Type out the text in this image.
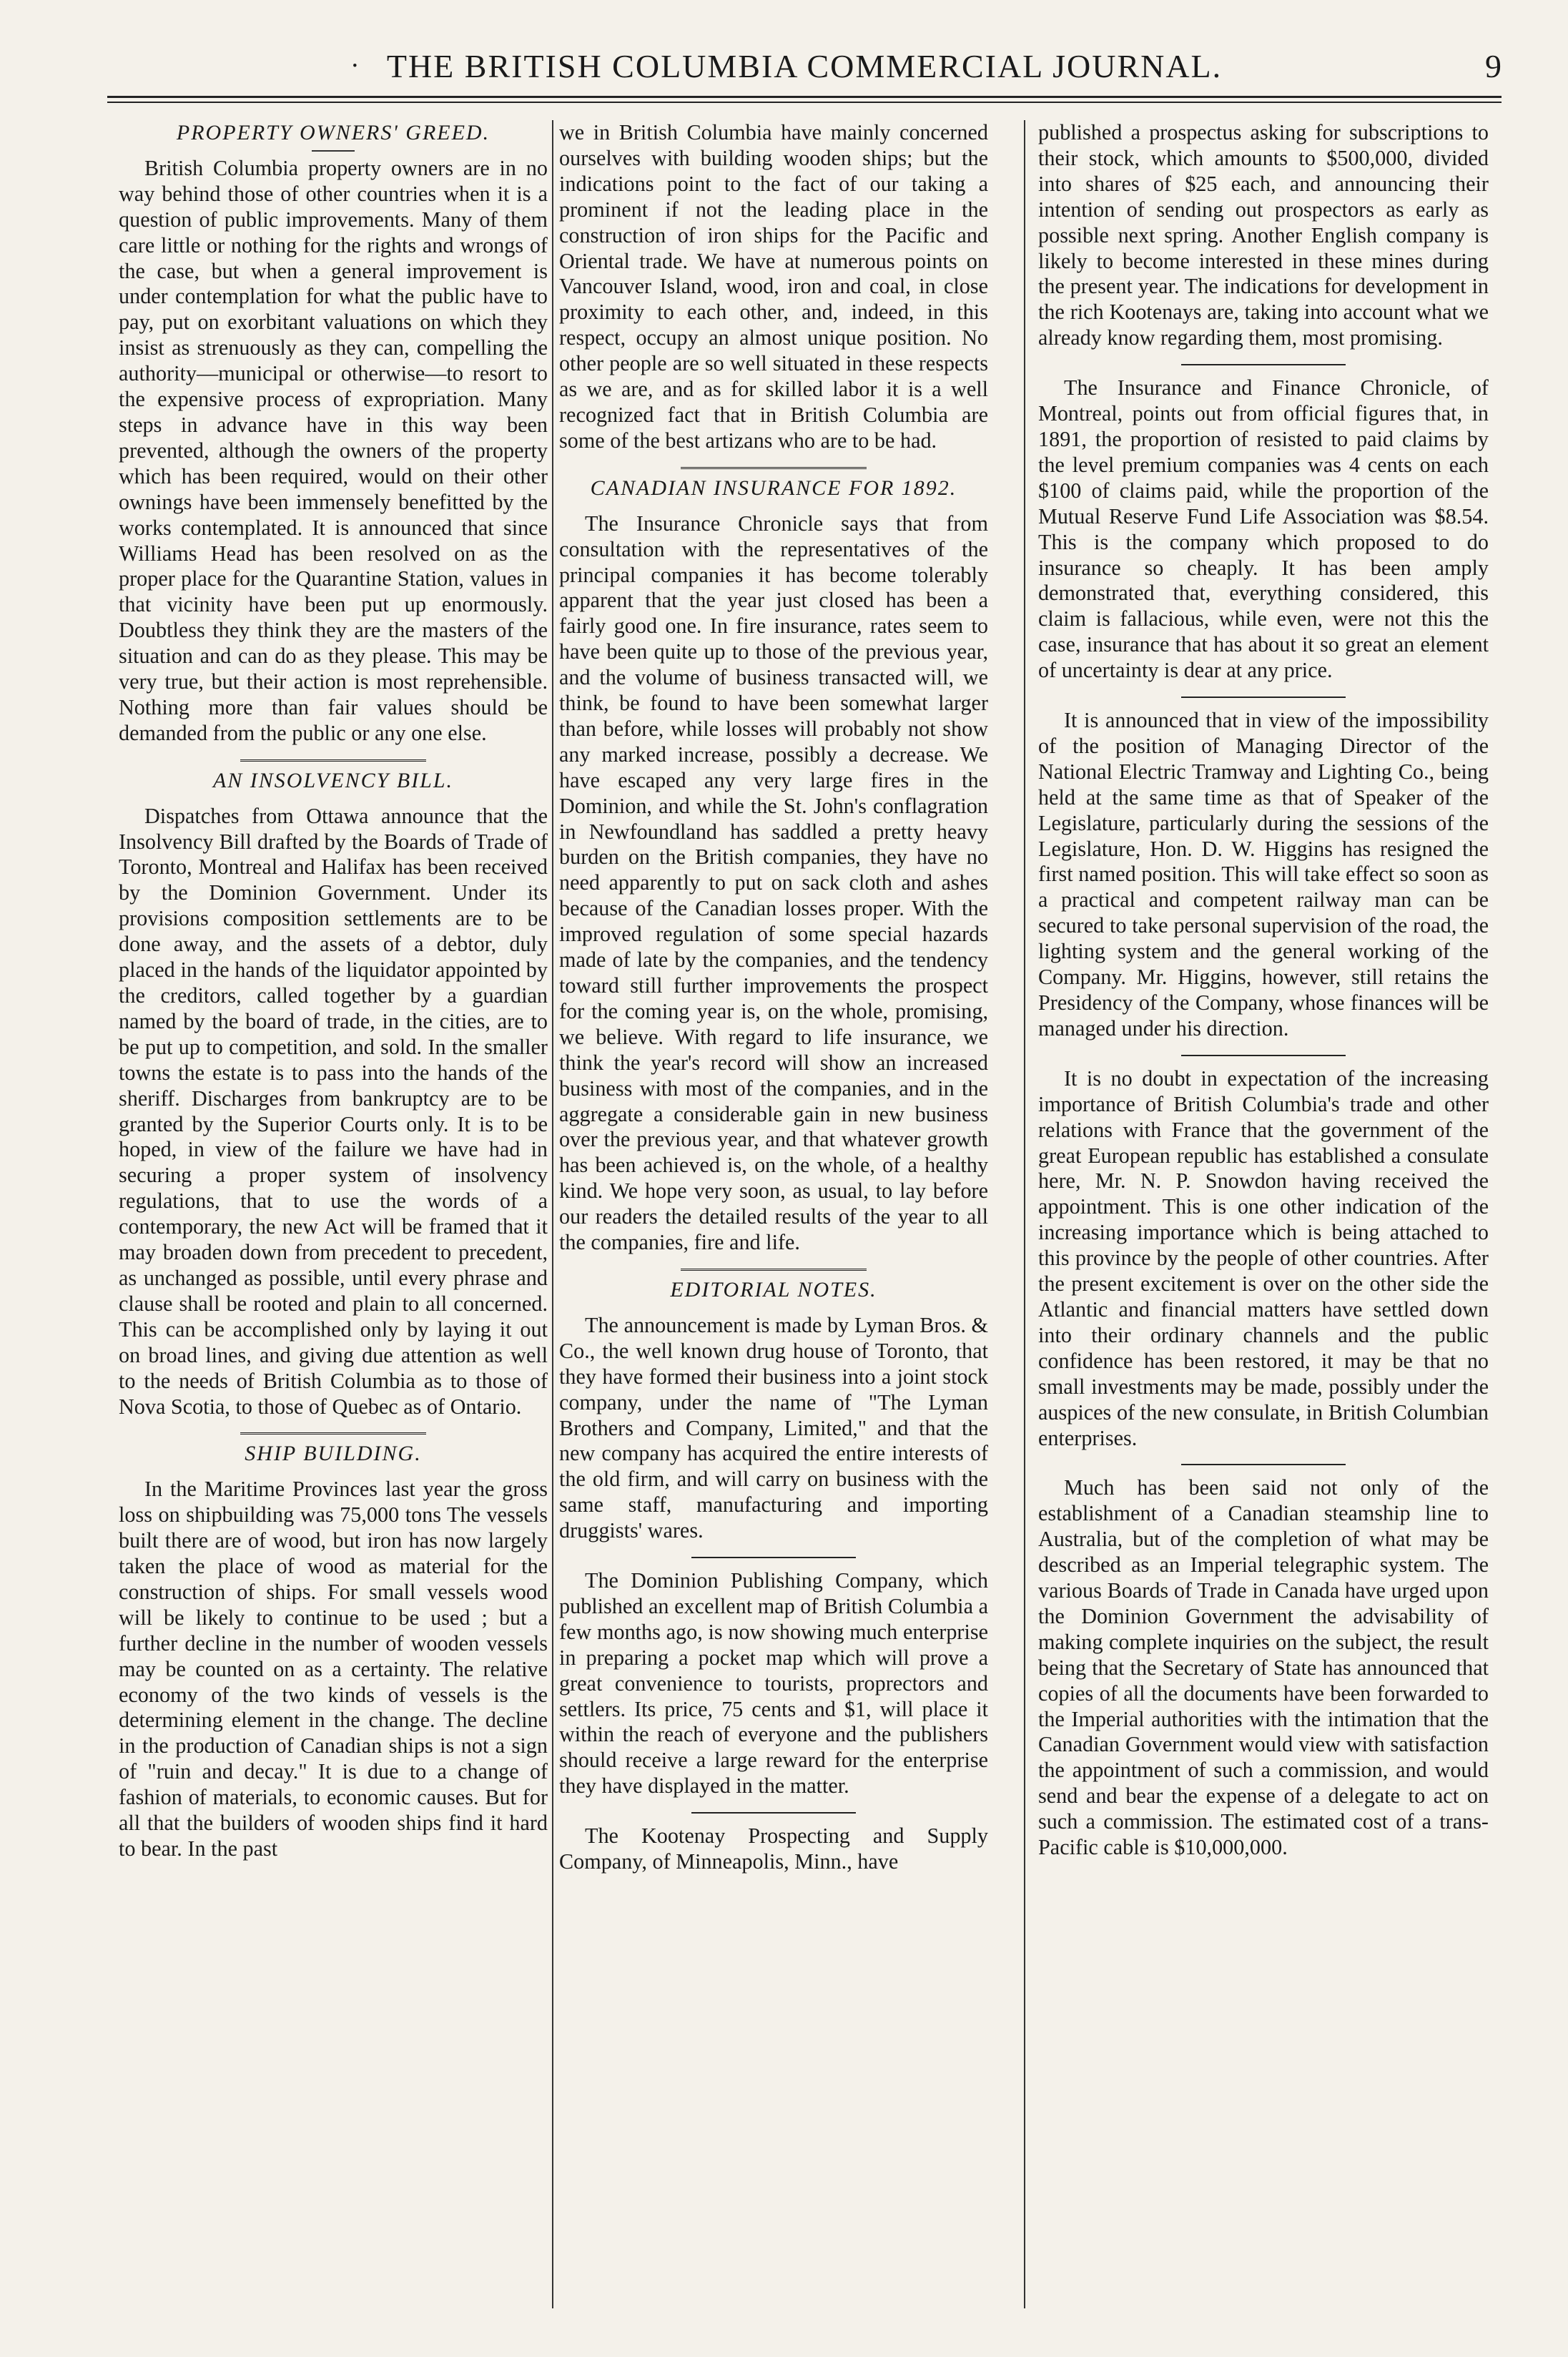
· THE BRITISH COLUMBIA COMMERCIAL JOURNAL.	9
PROPERTY OWNERS' GREED.

British Columbia property owners are in no way behind those of other countries when it is a question of public improvements. Many of them care little or nothing for the rights and wrongs of the case, but when a general improvement is under contemplation for what the public have to pay, put on exorbitant valuations on which they insist as strenuously as they can, compelling the authority—municipal or otherwise—to resort to the expensive process of expropriation. Many steps in advance have in this way been prevented, although the owners of the property which has been required, would on their other ownings have been immensely benefitted by the works contemplated. It is announced that since Williams Head has been resolved on as the proper place for the Quarantine Station, values in that vicinity have been put up enormously. Doubtless they think they are the masters of the situation and can do as they please. This may be very true, but their action is most reprehensible. Nothing more than fair values should be demanded from the public or any one else.

AN INSOLVENCY BILL.

Dispatches from Ottawa announce that the Insolvency Bill drafted by the Boards of Trade of Toronto, Montreal and Halifax has been received by the Dominion Government. Under its provisions composition settlements are to be done away, and the assets of a debtor, duly placed in the hands of the liquidator appointed by the creditors, called together by a guardian named by the board of trade, in the cities, are to be put up to competition, and sold. In the smaller towns the estate is to pass into the hands of the sheriff. Discharges from bankruptcy are to be granted by the Superior Courts only. It is to be hoped, in view of the failure we have had in securing a proper system of insolvency regulations, that to use the words of a contemporary, the new Act will be framed that it may broaden down from precedent to precedent, as unchanged as possible, until every phrase and clause shall be rooted and plain to all concerned. This can be accomplished only by laying it out on broad lines, and giving due attention as well to the needs of British Columbia as to those of Nova Scotia, to those of Quebec as of Ontario.

SHIP BUILDING.

In the Maritime Provinces last year the gross loss on shipbuilding was 75,000 tons The vessels built there are of wood, but iron has now largely taken the place of wood as material for the construction of ships. For small vessels wood will be likely to continue to be used ; but a further decline in the number of wooden vessels may be counted on as a certainty. The relative economy of the two kinds of vessels is the determining element in the change. The decline in the production of Canadian ships is not a sign of "ruin and decay." It is due to a change of fashion of materials, to economic causes. But for all that the builders of wooden ships find it hard to bear. In the past

we in British Columbia have mainly concerned ourselves with building wooden ships; but the indications point to the fact of our taking a prominent if not the leading place in the construction of iron ships for the Pacific and Oriental trade. We have at numerous points on Vancouver Island, wood, iron and coal, in close proximity to each other, and, indeed, in this respect, occupy an almost unique position. No other people are so well situated in these respects as we are, and as for skilled labor it is a well recognized fact that in British Columbia are some of the best artizans who are to be had.

CANADIAN INSURANCE FOR 1892.

The Insurance Chronicle says that from consultation with the representatives of the principal companies it has become tolerably apparent that the year just closed has been a fairly good one. In fire insurance, rates seem to have been quite up to those of the previous year, and the volume of business transacted will, we think, be found to have been somewhat larger than before, while losses will probably not show any marked increase, possibly a decrease. We have escaped any very large fires in the Dominion, and while the St. John's conflagration in Newfoundland has saddled a pretty heavy burden on the British companies, they have no need apparently to put on sack cloth and ashes because of the Canadian losses proper. With the improved regulation of some special hazards made of late by the companies, and the tendency toward still further improvements the prospect for the coming year is, on the whole, promising, we believe. With regard to life insurance, we think the year's record will show an increased business with most of the companies, and in the aggregate a considerable gain in new business over the previous year, and that whatever growth has been achieved is, on the whole, of a healthy kind. We hope very soon, as usual, to lay before our readers the detailed results of the year to all the companies, fire and life.

EDITORIAL NOTES.

The announcement is made by Lyman Bros. & Co., the well known drug house of Toronto, that they have formed their business into a joint stock company, under the name of "The Lyman Brothers and Company, Limited," and that the new company has acquired the entire interests of the old firm, and will carry on business with the same staff, manufacturing and importing druggists' wares.

The Dominion Publishing Company, which published an excellent map of British Columbia a few months ago, is now showing much enterprise in preparing a pocket map which will prove a great convenience to tourists, proprectors and settlers. Its price, 75 cents and $1, will place it within the reach of everyone and the publishers should receive a large reward for the enterprise they have displayed in the matter.

The Kootenay Prospecting and Supply Company, of Minneapolis, Minn., have

published a prospectus asking for subscriptions to their stock, which amounts to $500,000, divided into shares of $25 each, and announcing their intention of sending out prospectors as early as possible next spring. Another English company is likely to become interested in these mines during the present year. The indications for development in the rich Kootenays are, taking into account what we already know regarding them, most promising.

The Insurance and Finance Chronicle, of Montreal, points out from official figures that, in 1891, the proportion of resisted to paid claims by the level premium companies was 4 cents on each $100 of claims paid, while the proportion of the Mutual Reserve Fund Life Association was $8.54. This is the company which proposed to do insurance so cheaply. It has been amply demonstrated that, everything considered, this claim is fallacious, while even, were not this the case, insurance that has about it so great an element of uncertainty is dear at any price.

It is announced that in view of the impossibility of the position of Managing Director of the National Electric Tramway and Lighting Co., being held at the same time as that of Speaker of the Legislature, particularly during the sessions of the Legislature, Hon. D. W. Higgins has resigned the first named position. This will take effect so soon as a practical and competent railway man can be secured to take personal supervision of the road, the lighting system and the general working of the Company. Mr. Higgins, however, still retains the Presidency of the Company, whose finances will be managed under his direction.

It is no doubt in expectation of the increasing importance of British Columbia's trade and other relations with France that the government of the great European republic has established a consulate here, Mr. N. P. Snowdon having received the appointment. This is one other indication of the increasing importance which is being attached to this province by the people of other countries. After the present excitement is over on the other side the Atlantic and financial matters have settled down into their ordinary channels and the public confidence has been restored, it may be that no small investments may be made, possibly under the auspices of the new consulate, in British Columbian enterprises.

Much has been said not only of the establishment of a Canadian steamship line to Australia, but of the completion of what may be described as an Imperial telegraphic system. The various Boards of Trade in Canada have urged upon the Dominion Government the advisability of making complete inquiries on the subject, the result being that the Secretary of State has announced that copies of all the documents have been forwarded to the Imperial authorities with the intimation that the Canadian Government would view with satisfaction the appointment of such a commission, and would send and bear the expense of a delegate to act on such a commission. The estimated cost of a trans-Pacific cable is $10,000,000.
